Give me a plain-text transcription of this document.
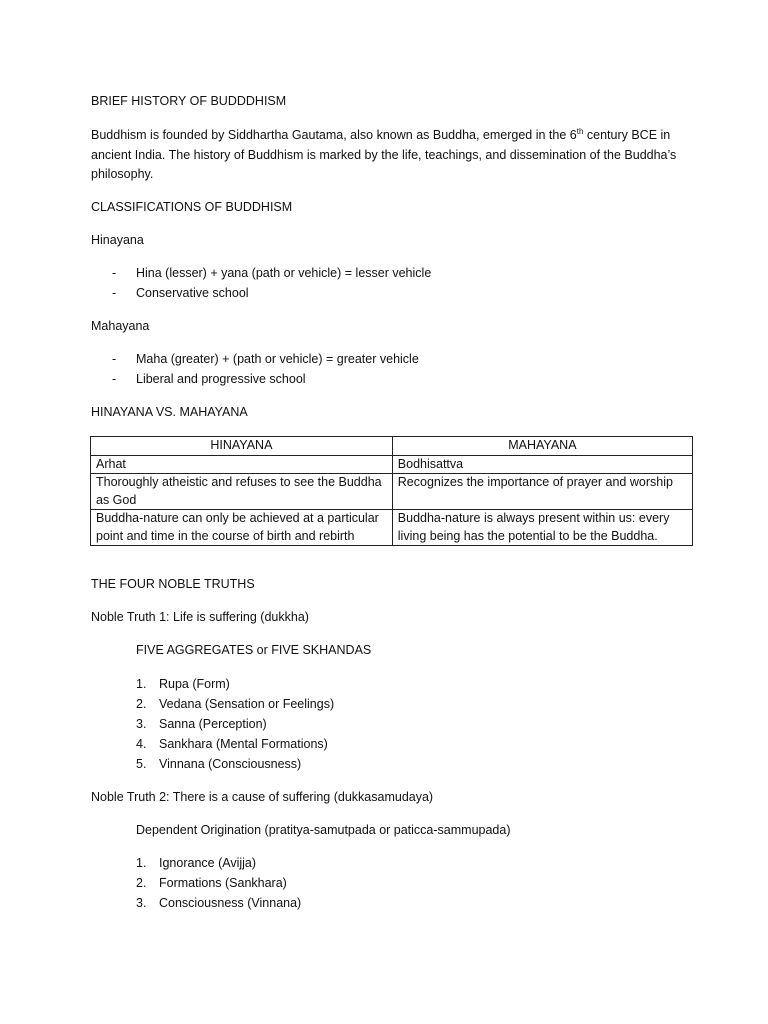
BRIEF HISTORY OF BUDDDHISM
Buddhism is founded by Siddhartha Gautama, also known as Buddha, emerged in the 6th century BCE in ancient India. The history of Buddhism is marked by the life, teachings, and dissemination of the Buddha’s philosophy.
CLASSIFICATIONS OF BUDDHISM
Hinayana
- Hina (lesser) + yana (path or vehicle) = lesser vehicle
- Conservative school
Mahayana
- Maha (greater) + (path or vehicle) = greater vehicle
- Liberal and progressive school
HINAYANA VS. MAHAYANA
HINAYANA	MAHAYANA
Arhat	Bodhisattva
Thoroughly atheistic and refuses to see the Buddha as God	Recognizes the importance of prayer and worship
Buddha-nature can only be achieved at a particular point and time in the course of birth and rebirth	Buddha-nature is always present within us: every living being has the potential to be the Buddha.
THE FOUR NOBLE TRUTHS
Noble Truth 1: Life is suffering (dukkha)
FIVE AGGREGATES or FIVE SKHANDAS
1. Rupa (Form)
2. Vedana (Sensation or Feelings)
3. Sanna (Perception)
4. Sankhara (Mental Formations)
5. Vinnana (Consciousness)
Noble Truth 2: There is a cause of suffering (dukkasamudaya)
Dependent Origination (pratitya-samutpada or paticca-sammupada)
1. Ignorance (Avijja)
2. Formations (Sankhara)
3. Consciousness (Vinnana)
